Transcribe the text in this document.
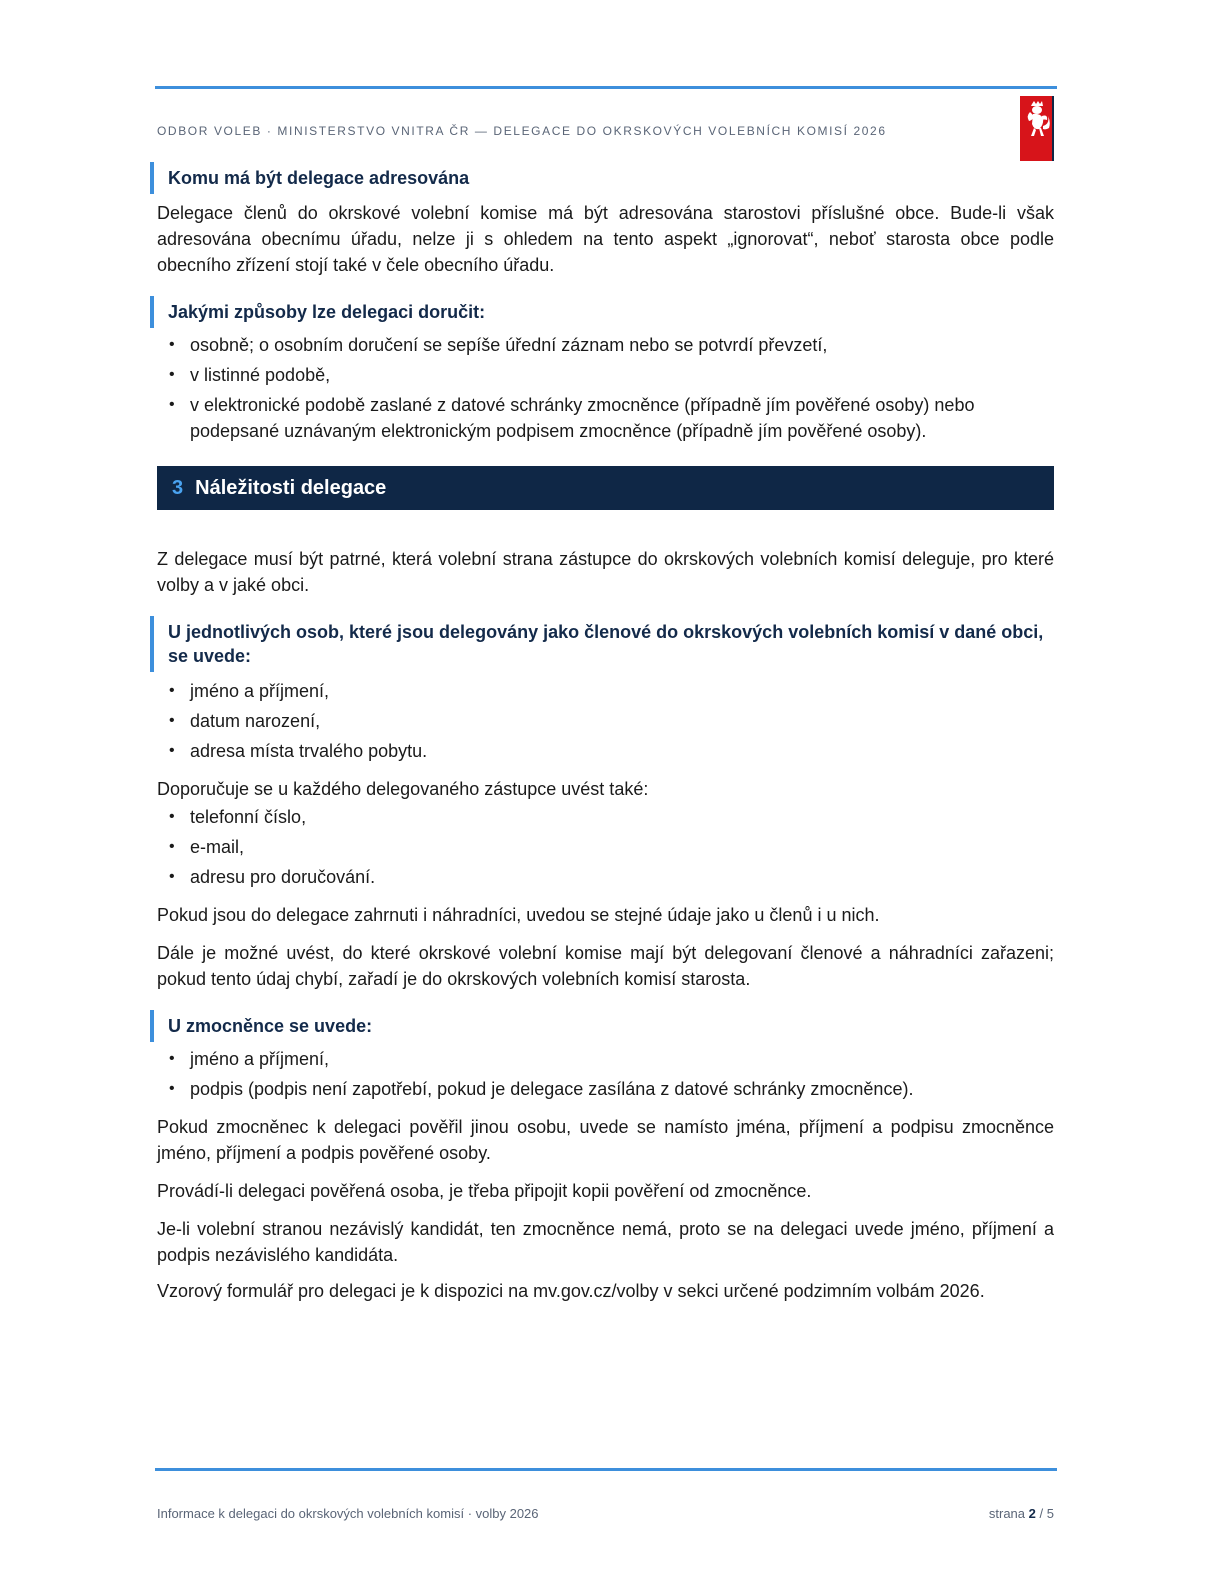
ODBOR VOLEB · MINISTERSTVO VNITRA ČR — DELEGACE DO OKRSKOVÝCH VOLEBNÍCH KOMISÍ 2026
Komu má být delegace adresována

Delegace členů do okrskové volební komise má být adresována starostovi příslušné obce. Bude-li však adresována obecnímu úřadu, nelze ji s ohledem na tento aspekt „ignorovat“, neboť starosta obce podle obecního zřízení stojí také v čele obecního úřadu.

Jakými způsoby lze delegaci doručit:
• osobně; o osobním doručení se sepíše úřední záznam nebo se potvrdí převzetí,
• v listinné podobě,
• v elektronické podobě zaslané z datové schránky zmocněnce (případně jím pověřené osoby) nebo podepsané uznávaným elektronickým podpisem zmocněnce (případně jím pověřené osoby).
3 Náležitosti delegace

Z delegace musí být patrné, která volební strana zástupce do okrskových volebních komisí deleguje, pro které volby a v jaké obci.

U jednotlivých osob, které jsou delegovány jako členové do okrskových volebních komisí v dané obci, se uvede:
• jméno a příjmení,
• datum narození,
• adresa místa trvalého pobytu.

Doporučuje se u každého delegovaného zástupce uvést také:

• telefonní číslo,
• e-mail,
• adresu pro doručování.

Pokud jsou do delegace zahrnuti i náhradníci, uvedou se stejné údaje jako u členů i u nich.

Dále je možné uvést, do které okrskové volební komise mají být delegovaní členové a náhradníci zařazeni; pokud tento údaj chybí, zařadí je do okrskových volebních komisí starosta.

U zmocněnce se uvede:
• jméno a příjmení,
• podpis (podpis není zapotřebí, pokud je delegace zasílána z datové schránky zmocněnce).

Pokud zmocněnec k delegaci pověřil jinou osobu, uvede se namísto jména, příjmení a podpisu zmocněnce jméno, příjmení a podpis pověřené osoby.

Provádí-li delegaci pověřená osoba, je třeba připojit kopii pověření od zmocněnce.

Je-li volební stranou nezávislý kandidát, ten zmocněnce nemá, proto se na delegaci uvede jméno, příjmení a podpis nezávislého kandidáta.

Vzorový formulář pro delegaci je k dispozici na mv.gov.cz/volby v sekci určené podzimním volbám 2026.

Informace k delegaci do okrskových volebních komisí · volby 2026	strana 2 / 5
